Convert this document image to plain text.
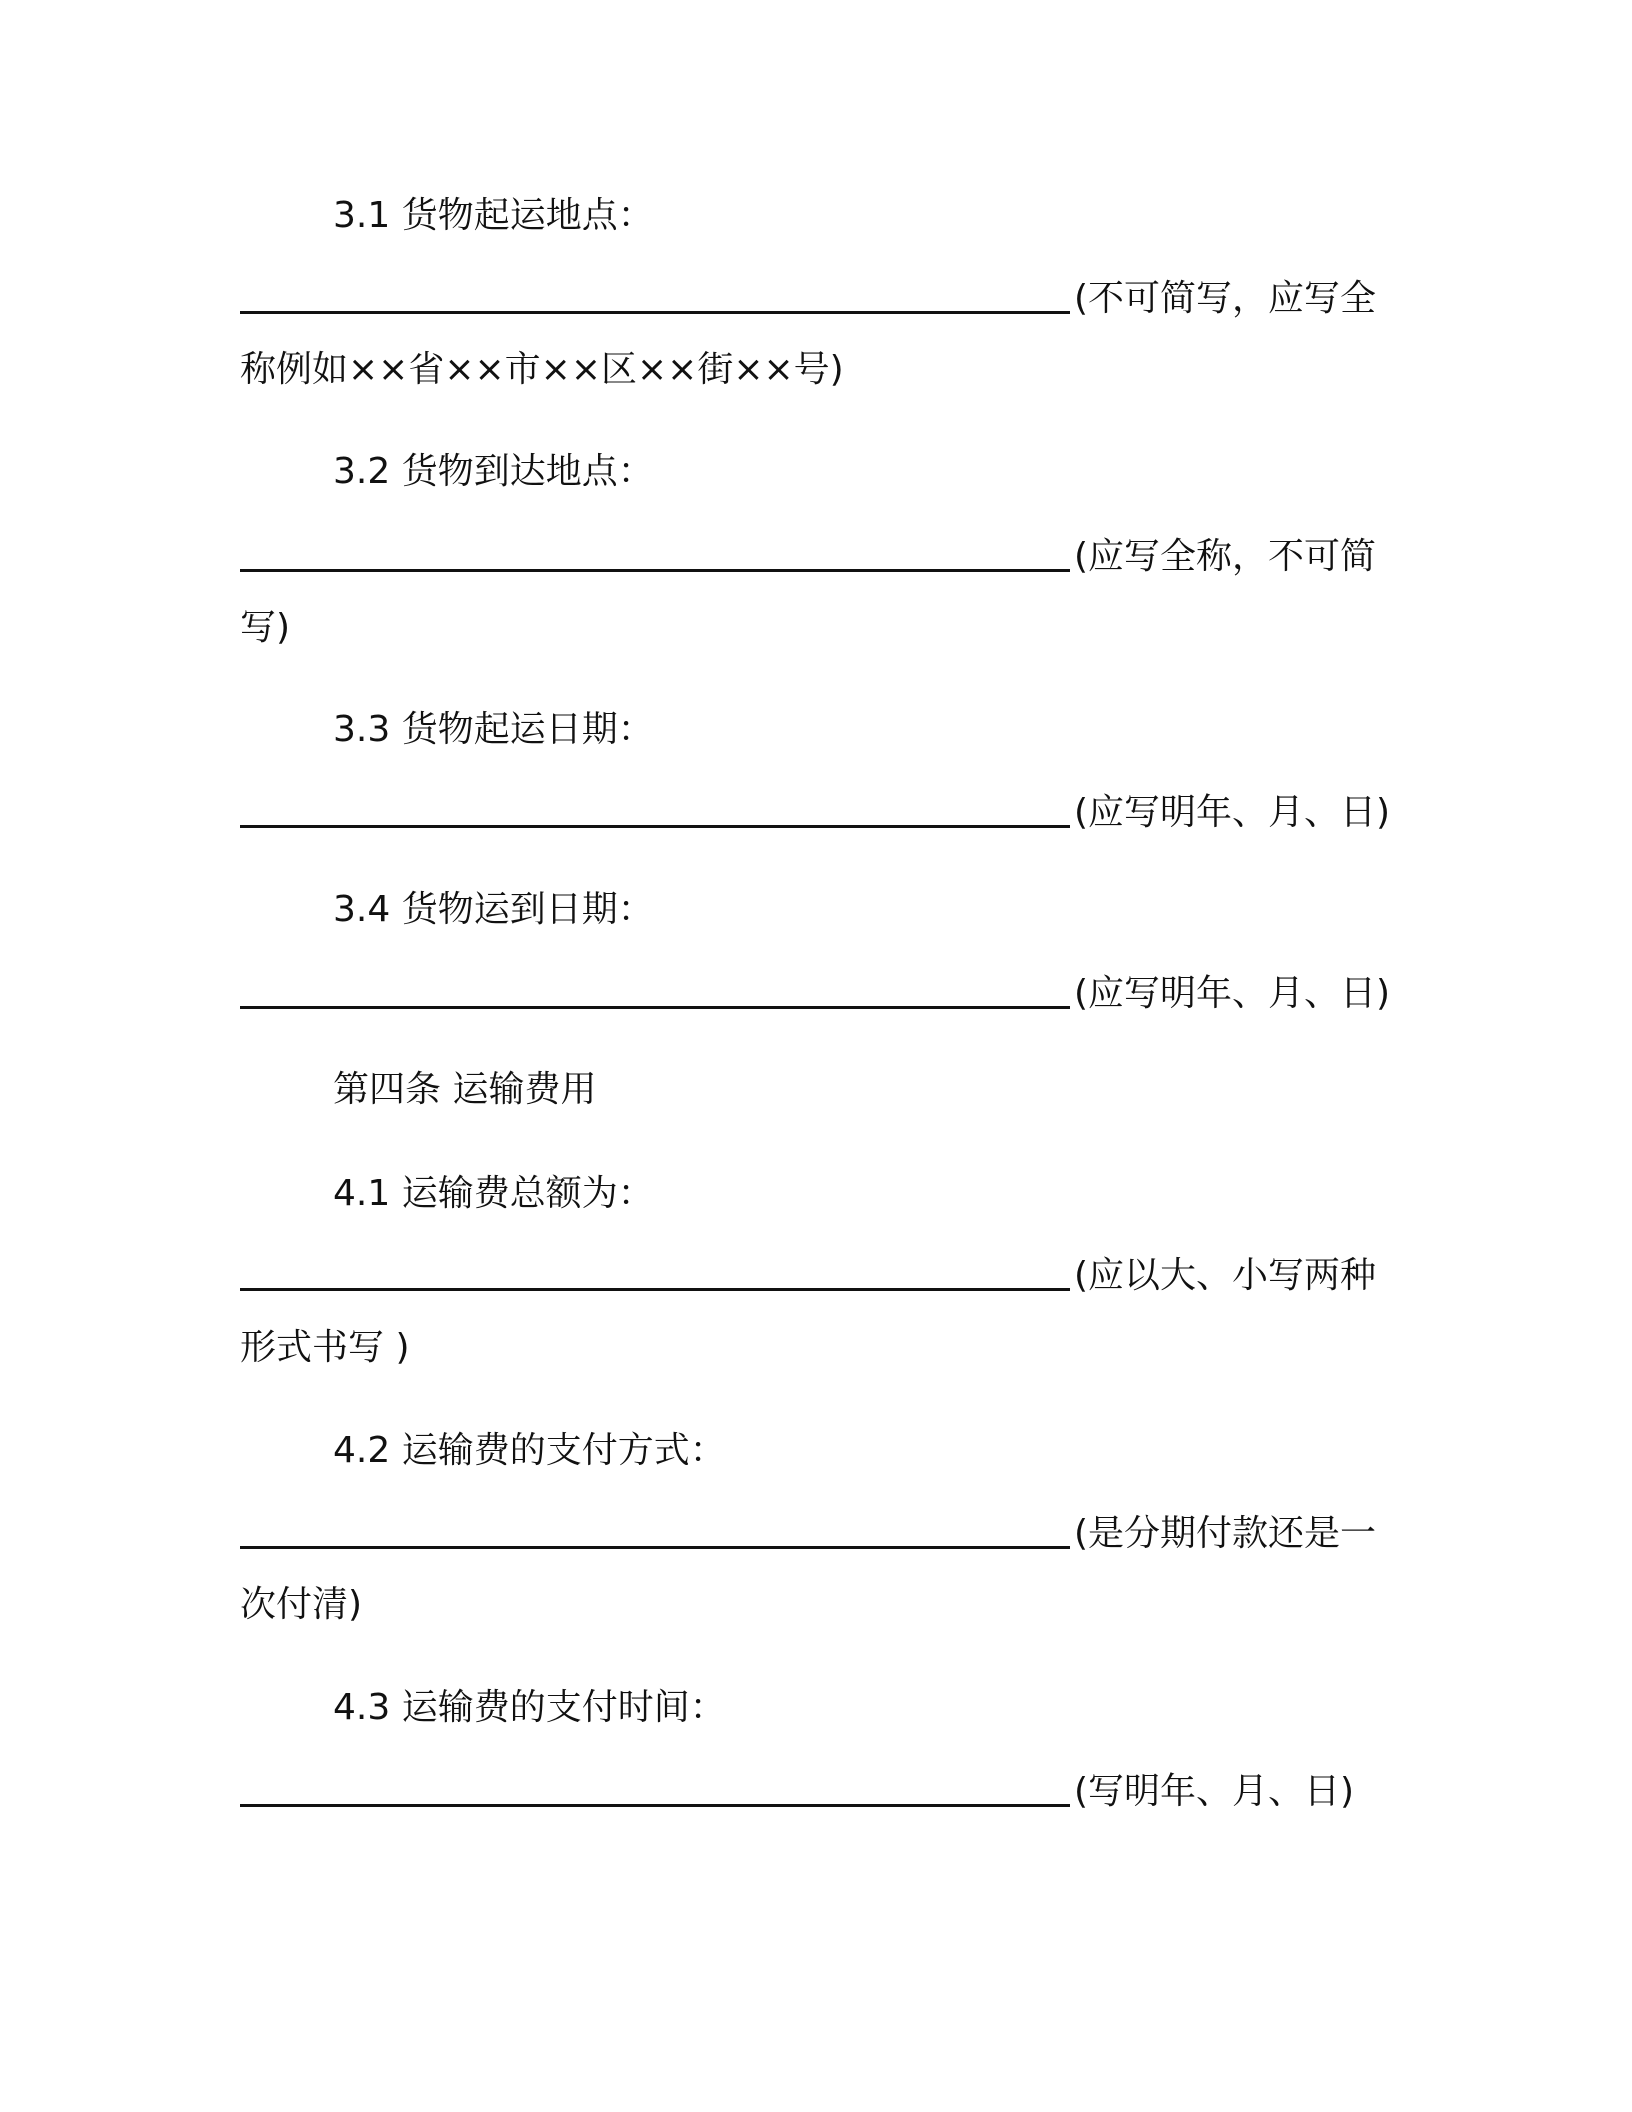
3.1 货物起运地点：
(不可简写，应写全
称例如××省××市××区××街××号)
3.2 货物到达地点：
(应写全称，不可简
写)
3.3 货物起运日期：
(应写明年、月、日)
3.4 货物运到日期：
(应写明年、月、日)
第四条 运输费用
4.1 运输费总额为：
(应以大、小写两种
形式书写 )
4.2 运输费的支付方式：
(是分期付款还是一
次付清)
4.3 运输费的支付时间：
(写明年、月、日)
